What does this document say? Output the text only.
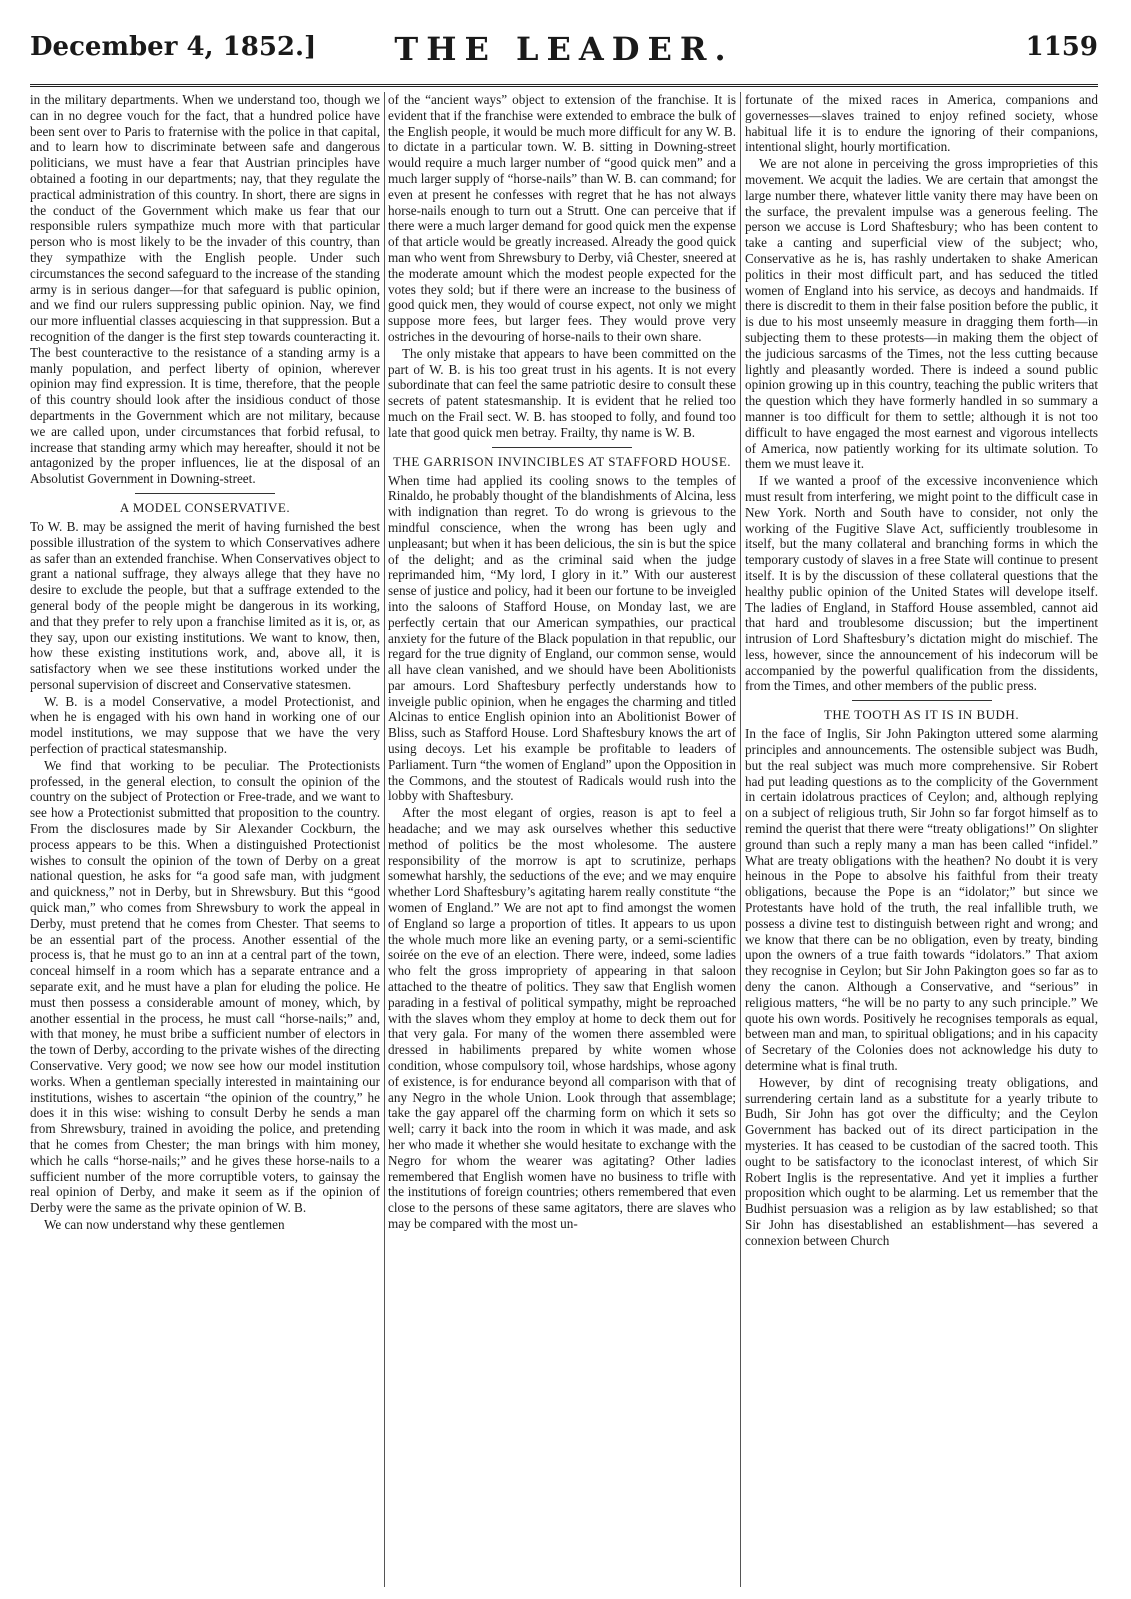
December 4, 1852.]	THE LEADER.	1159

in the military departments. When we understand too, though we can in no degree vouch for the fact, that a hundred police have been sent over to Paris to fraternise with the police in that capital, and to learn how to discriminate between safe and dangerous politicians, we must have a fear that Austrian principles have obtained a footing in our departments; nay, that they regulate the practical administration of this country. In short, there are signs in the conduct of the Government which make us fear that our responsible rulers sympathize much more with that particular person who is most likely to be the invader of this country, than they sympathize with the English people. Under such circumstances the second safeguard to the increase of the standing army is in serious danger—for that safeguard is public opinion, and we find our rulers suppressing public opinion. Nay, we find our more influential classes acquiescing in that suppression. But a recognition of the danger is the first step towards counteracting it. The best counteractive to the resistance of a standing army is a manly population, and perfect liberty of opinion, wherever opinion may find expression. It is time, therefore, that the people of this country should look after the insidious conduct of those departments in the Government which are not military, because we are called upon, under circumstances that forbid refusal, to increase that standing army which may hereafter, should it not be antagonized by the proper influences, lie at the disposal of an Absolutist Government in Downing-street.

A MODEL CONSERVATIVE.

To W. B. may be assigned the merit of having furnished the best possible illustration of the system to which Conservatives adhere as safer than an extended franchise. When Conservatives object to grant a national suffrage, they always allege that they have no desire to exclude the people, but that a suffrage extended to the general body of the people might be dangerous in its working, and that they prefer to rely upon a franchise limited as it is, or, as they say, upon our existing institutions. We want to know, then, how these existing institutions work, and, above all, it is satisfactory when we see these institutions worked under the personal supervision of discreet and Conservative statesmen.

W. B. is a model Conservative, a model Protectionist, and when he is engaged with his own hand in working one of our model institutions, we may suppose that we have the very perfection of practical statesmanship.

We find that working to be peculiar. The Protectionists professed, in the general election, to consult the opinion of the country on the subject of Protection or Free-trade, and we want to see how a Protectionist submitted that proposition to the country. From the disclosures made by Sir Alexander Cockburn, the process appears to be this. When a distinguished Protectionist wishes to consult the opinion of the town of Derby on a great national question, he asks for “a good safe man, with judgment and quickness,” not in Derby, but in Shrewsbury. But this “good quick man,” who comes from Shrewsbury to work the appeal in Derby, must pretend that he comes from Chester. That seems to be an essential part of the process. Another essential of the process is, that he must go to an inn at a central part of the town, conceal himself in a room which has a separate entrance and a separate exit, and he must have a plan for eluding the police. He must then possess a considerable amount of money, which, by another essential in the process, he must call “horse-nails;” and, with that money, he must bribe a sufficient number of electors in the town of Derby, according to the private wishes of the directing Conservative. Very good; we now see how our model institution works. When a gentleman specially interested in maintaining our institutions, wishes to ascertain “the opinion of the country,” he does it in this wise: wishing to consult Derby he sends a man from Shrewsbury, trained in avoiding the police, and pretending that he comes from Chester; the man brings with him money, which he calls “horse-nails;” and he gives these horse-nails to a sufficient number of the more corruptible voters, to gainsay the real opinion of Derby, and make it seem as if the opinion of Derby were the same as the private opinion of W. B.

We can now understand why these gentlemen

of the “ancient ways” object to extension of the franchise. It is evident that if the franchise were extended to embrace the bulk of the English people, it would be much more difficult for any W. B. to dictate in a particular town. W. B. sitting in Downing-street would require a much larger number of “good quick men” and a much larger supply of “horse-nails” than W. B. can command; for even at present he confesses with regret that he has not always horse-nails enough to turn out a Strutt. One can perceive that if there were a much larger demand for good quick men the expense of that article would be greatly increased. Already the good quick man who went from Shrewsbury to Derby, viâ Chester, sneered at the moderate amount which the modest people expected for the votes they sold; but if there were an increase to the business of good quick men, they would of course expect, not only we might suppose more fees, but larger fees. They would prove very ostriches in the devouring of horse-nails to their own share.

The only mistake that appears to have been committed on the part of W. B. is his too great trust in his agents. It is not every subordinate that can feel the same patriotic desire to consult these secrets of patent statesmanship. It is evident that he relied too much on the Frail sect. W. B. has stooped to folly, and found too late that good quick men betray. Frailty, thy name is W. B.

THE GARRISON INVINCIBLES AT STAFFORD HOUSE.

When time had applied its cooling snows to the temples of Rinaldo, he probably thought of the blandishments of Alcina, less with indignation than regret. To do wrong is grievous to the mindful conscience, when the wrong has been ugly and unpleasant; but when it has been delicious, the sin is but the spice of the delight; and as the criminal said when the judge reprimanded him, “My lord, I glory in it.” With our austerest sense of justice and policy, had it been our fortune to be inveigled into the saloons of Stafford House, on Monday last, we are perfectly certain that our American sympathies, our practical anxiety for the future of the Black population in that republic, our regard for the true dignity of England, our common sense, would all have clean vanished, and we should have been Abolitionists par amours. Lord Shaftesbury perfectly understands how to inveigle public opinion, when he engages the charming and titled Alcinas to entice English opinion into an Abolitionist Bower of Bliss, such as Stafford House. Lord Shaftesbury knows the art of using decoys. Let his example be profitable to leaders of Parliament. Turn “the women of England” upon the Opposition in the Commons, and the stoutest of Radicals would rush into the lobby with Shaftesbury.

After the most elegant of orgies, reason is apt to feel a headache; and we may ask ourselves whether this seductive method of politics be the most wholesome. The austere responsibility of the morrow is apt to scrutinize, perhaps somewhat harshly, the seductions of the eve; and we may enquire whether Lord Shaftesbury’s agitating harem really constitute “the women of England.” We are not apt to find amongst the women of England so large a proportion of titles. It appears to us upon the whole much more like an evening party, or a semi-scientific soirée on the eve of an election. There were, indeed, some ladies who felt the gross impropriety of appearing in that saloon attached to the theatre of politics. They saw that English women parading in a festival of political sympathy, might be reproached with the slaves whom they employ at home to deck them out for that very gala. For many of the women there assembled were dressed in habiliments prepared by white women whose condition, whose compulsory toil, whose hardships, whose agony of existence, is for endurance beyond all comparison with that of any Negro in the whole Union. Look through that assemblage; take the gay apparel off the charming form on which it sets so well; carry it back into the room in which it was made, and ask her who made it whether she would hesitate to exchange with the Negro for whom the wearer was agitating? Other ladies remembered that English women have no business to trifle with the institutions of foreign countries; others remembered that even close to the persons of these same agitators, there are slaves who may be compared with the most un-

fortunate of the mixed races in America, companions and governesses—slaves trained to enjoy refined society, whose habitual life it is to endure the ignoring of their companions, intentional slight, hourly mortification.

We are not alone in perceiving the gross improprieties of this movement. We acquit the ladies. We are certain that amongst the large number there, whatever little vanity there may have been on the surface, the prevalent impulse was a generous feeling. The person we accuse is Lord Shaftesbury; who has been content to take a canting and superficial view of the subject; who, Conservative as he is, has rashly undertaken to shake American politics in their most difficult part, and has seduced the titled women of England into his service, as decoys and handmaids. If there is discredit to them in their false position before the public, it is due to his most unseemly measure in dragging them forth—in subjecting them to these protests—in making them the object of the judicious sarcasms of the Times, not the less cutting because lightly and pleasantly worded. There is indeed a sound public opinion growing up in this country, teaching the public writers that the question which they have formerly handled in so summary a manner is too difficult for them to settle; although it is not too difficult to have engaged the most earnest and vigorous intellects of America, now patiently working for its ultimate solution. To them we must leave it.

If we wanted a proof of the excessive inconvenience which must result from interfering, we might point to the difficult case in New York. North and South have to consider, not only the working of the Fugitive Slave Act, sufficiently troublesome in itself, but the many collateral and branching forms in which the temporary custody of slaves in a free State will continue to present itself. It is by the discussion of these collateral questions that the healthy public opinion of the United States will develope itself. The ladies of England, in Stafford House assembled, cannot aid that hard and troublesome discussion; but the impertinent intrusion of Lord Shaftesbury’s dictation might do mischief. The less, however, since the announcement of his indecorum will be accompanied by the powerful qualification from the dissidents, from the Times, and other members of the public press.

THE TOOTH AS IT IS IN BUDH.

In the face of Inglis, Sir John Pakington uttered some alarming principles and announcements. The ostensible subject was Budh, but the real subject was much more comprehensive. Sir Robert had put leading questions as to the complicity of the Government in certain idolatrous practices of Ceylon; and, although replying on a subject of religious truth, Sir John so far forgot himself as to remind the querist that there were “treaty obligations!” On slighter ground than such a reply many a man has been called “infidel.” What are treaty obligations with the heathen? No doubt it is very heinous in the Pope to absolve his faithful from their treaty obligations, because the Pope is an “idolator;” but since we Protestants have hold of the truth, the real infallible truth, we possess a divine test to distinguish between right and wrong; and we know that there can be no obligation, even by treaty, binding upon the owners of a true faith towards “idolators.” That axiom they recognise in Ceylon; but Sir John Pakington goes so far as to deny the canon. Although a Conservative, and “serious” in religious matters, “he will be no party to any such principle.” We quote his own words. Positively he recognises temporals as equal, between man and man, to spiritual obligations; and in his capacity of Secretary of the Colonies does not acknowledge his duty to determine what is final truth.

However, by dint of recognising treaty obligations, and surrendering certain land as a substitute for a yearly tribute to Budh, Sir John has got over the difficulty; and the Ceylon Government has backed out of its direct participation in the mysteries. It has ceased to be custodian of the sacred tooth. This ought to be satisfactory to the iconoclast interest, of which Sir Robert Inglis is the representative. And yet it implies a further proposition which ought to be alarming. Let us remember that the Budhist persuasion was a religion as by law established; so that Sir John has disestablished an establishment—has severed a connexion between Church
